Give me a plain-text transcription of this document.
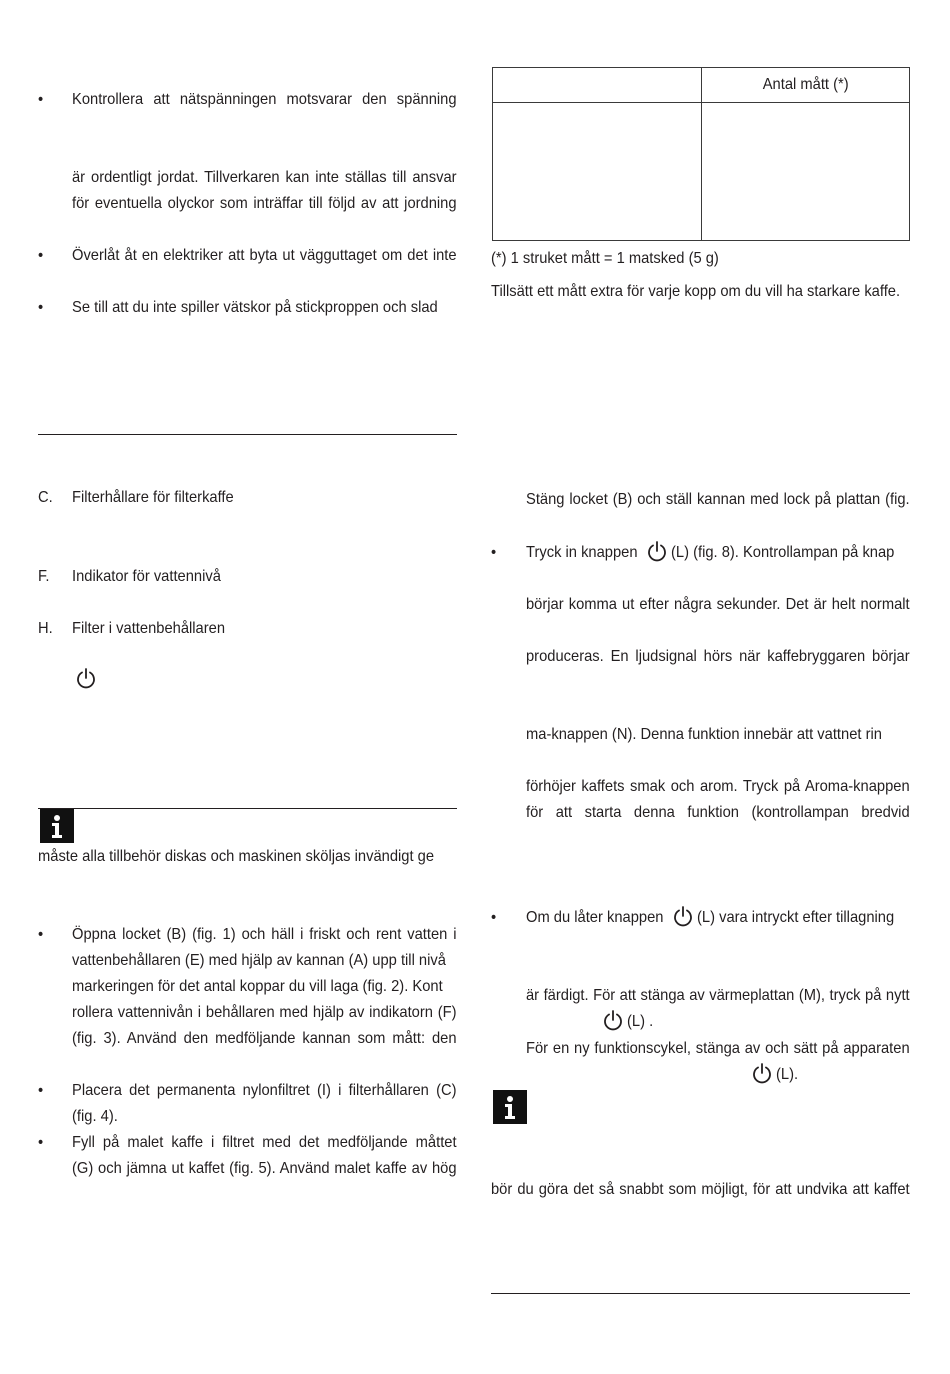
•	Kontrollera att nätspänningen motsvarar den spänning
är ordentligt jordat. Tillverkaren kan inte ställas till ansvar
för eventuella olyckor som inträffar till följd av att jordning
•	Överlåt åt en elektriker att byta ut vägguttaget om det inte
•	Se till att du inte spiller vätskor på stickproppen och slad
C.	Filterhållare för filterkaffe
F.	Indikator för vattennivå
H.	Filter i vattenbehållaren
måste alla tillbehör diskas och maskinen sköljas invändigt ge
•	Öppna locket (B) (fig. 1) och häll i friskt och rent vatten i
vattenbehållaren (E) med hjälp av kannan (A) upp till nivå
markeringen för det antal koppar du vill laga (fig. 2). Kont
rollera vattennivån i behållaren med hjälp av indikatorn (F)
(fig. 3). Använd den medföljande kannan som mått: den
•	Placera det permanenta nylonfiltret (I) i filterhållaren (C)
(fig. 4).
•	Fyll på malet kaffe i filtret med det medföljande måttet
(G) och jämna ut kaffet (fig. 5). Använd malet kaffe av hög
Antal mått (*)
(*) 1 struket mått = 1 matsked (5 g)
Tillsätt ett mått extra för varje kopp om du vill ha starkare kaffe.
Stäng locket (B) och ställ kannan med lock på plattan (fig.
•	Tryck in knappen (L) (fig. 8). Kontrollampan på knap
börjar komma ut efter några sekunder. Det är helt normalt
produceras. En ljudsignal hörs när kaffebryggaren börjar
ma-knappen (N). Denna funktion innebär att vattnet rin
förhöjer kaffets smak och arom. Tryck på Aroma-knappen
för att starta denna funktion (kontrollampan bredvid
•	Om du låter knappen	(L) vara intryckt efter tillagning
är färdigt. För att stänga av värmeplattan (M), tryck på nytt
(L) .
För en ny funktionscykel, stänga av och sätt på apparaten
(L).
bör du göra det så snabbt som möjligt, för att undvika att kaffet
